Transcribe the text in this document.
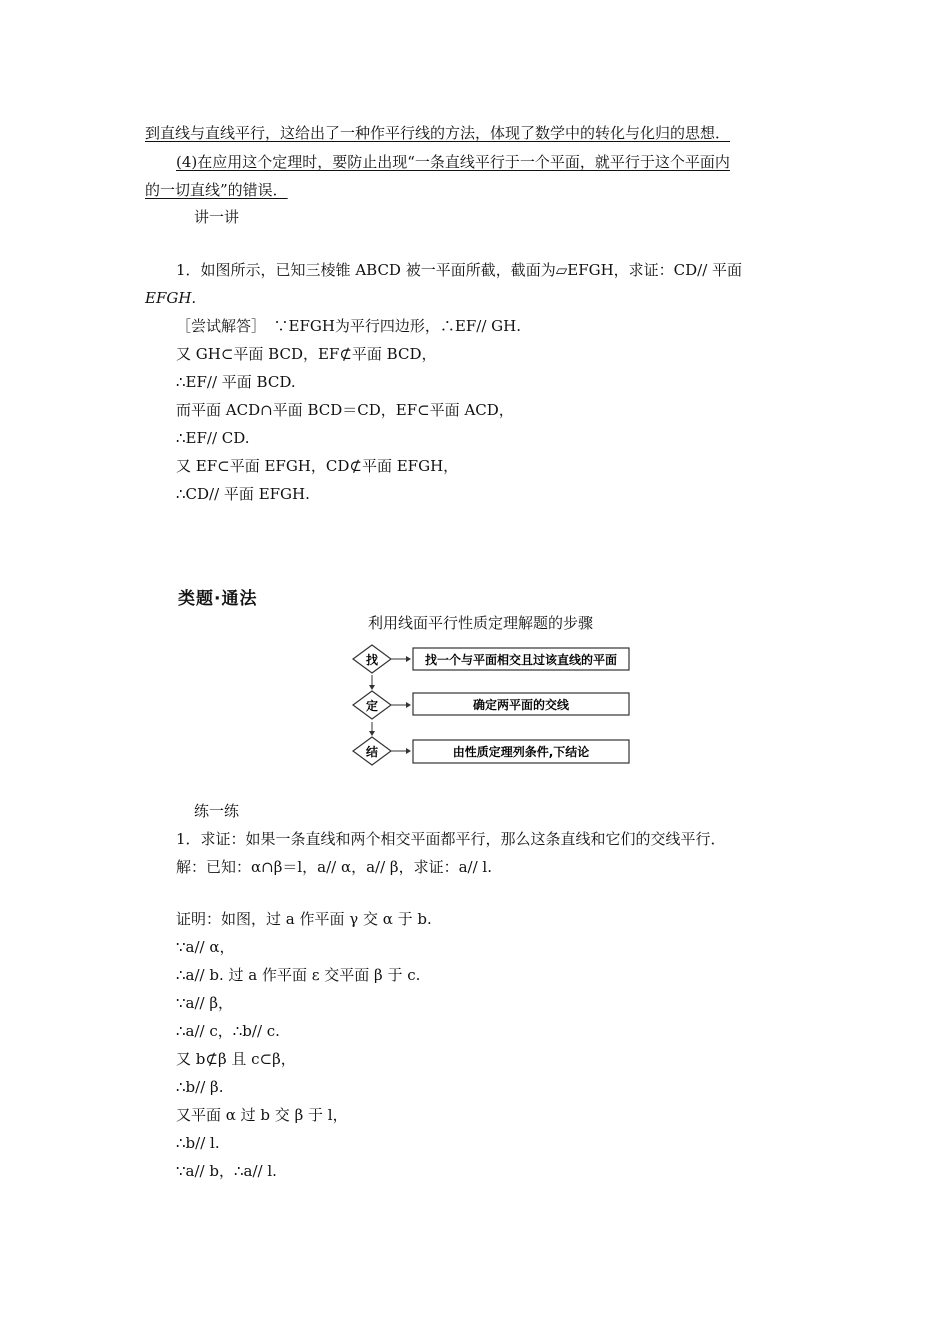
到直线与直线平行，这给出了一种作平行线的方法，体现了数学中的转化与化归的思想．
(4)在应用这个定理时，要防止出现“一条直线平行于一个平面，就平行于这个平面内
的一切直线”的错误．
讲一讲
1．如图所示，已知三棱锥 ABCD 被一平面所截，截面为▱EFGH，求证：CD// 平面
EFGH.
［尝试解答］　∵EFGH为平行四边形，∴EF// GH.
又 GH⊂平面 BCD，EF⊄平面 BCD，
∴EF// 平面 BCD.
而平面 ACD∩平面 BCD＝CD，EF⊂平面 ACD，
∴EF// CD.
又 EF⊂平面 EFGH，CD⊄平面 EFGH，
∴CD// 平面 EFGH.
类题·通法
利用线面平行性质定理解题的步骤
找	找一个与平面相交且过该直线的平面
定	确定两平面的交线
结	由性质定理列条件,下结论
练一练
1．求证：如果一条直线和两个相交平面都平行，那么这条直线和它们的交线平行．
解：已知：α∩β＝l，a// α，a// β，求证：a// l.
证明：如图，过 a 作平面 γ 交 α 于 b.
∵a// α，
∴a// b. 过 a 作平面 ε 交平面 β 于 c.
∵a// β，
∴a// c，∴b// c.
又 b⊄β 且 c⊂β，
∴b// β.
又平面 α 过 b 交 β 于 l，
∴b// l.
∵a// b，∴a// l.
